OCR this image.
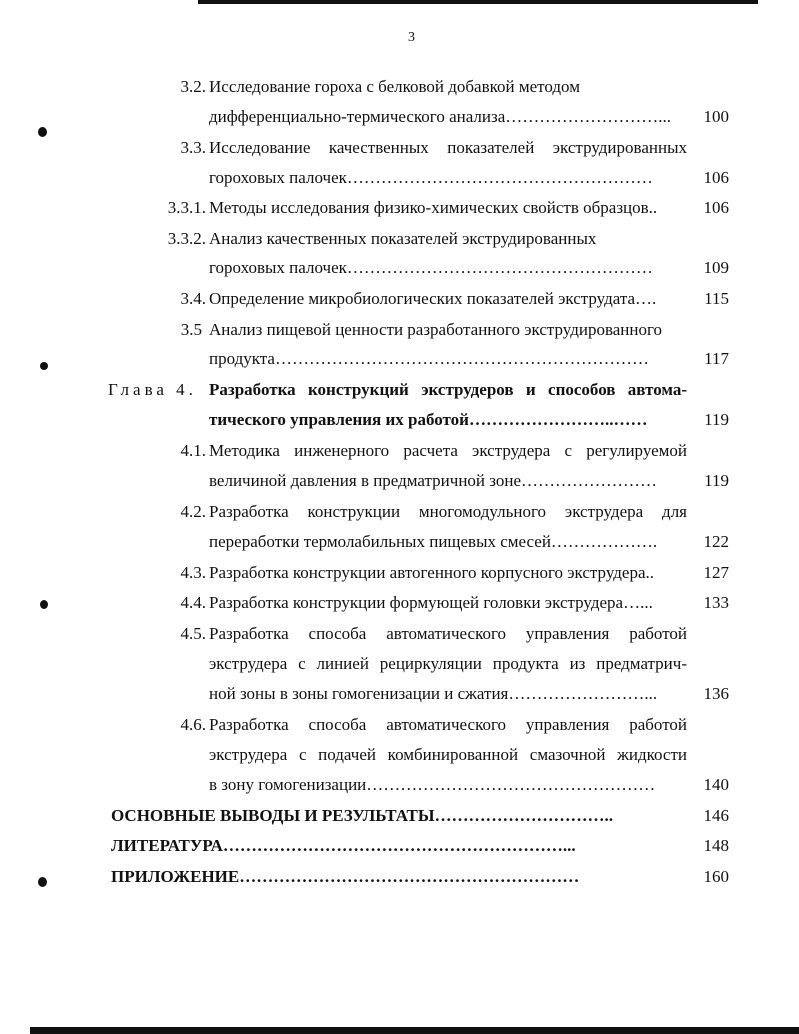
3
3.2. Исследование гороха с белковой добавкой методом
дифференциально-термического анализа………………………... 100
3.3. Исследование качественных показателей экструдированных
гороховых палочек………………………………………………	106
3.3.1. Методы исследования физико-химических свойств образцов..	106
3.3.2. Анализ качественных показателей экструдированных
гороховых палочек………………………………………………	109
3.4. Определение микробиологических показателей экструдата….	115
3.5 Анализ пищевой ценности разработанного экструдированного
продукта…………………………………………………………	117
Глава 4. Разработка конструкций экструдеров и способов автома-
тического управления их работой……………………..……	119
4.1. Методика инженерного расчета экструдера с регулируемой
величиной давления в предматричной зоне……………………	119
4.2. Разработка конструкции многомодульного экструдера для
переработки термолабильных пищевых смесей……………….	122
4.3. Разработка конструкции автогенного корпусного экструдера..	127
4.4. Разработка конструкции формующей головки экструдера…...	133
4.5. Разработка способа автоматического управления работой
экструдера с линией рециркуляции продукта из предматрич-
ной зоны в зоны гомогенизации и сжатия……………………...	136
4.6. Разработка способа автоматического управления работой
экструдера с подачей комбинированной смазочной жидкости
в зону гомогенизации……………………………………………	140
ОСНОВНЫЕ ВЫВОДЫ И РЕЗУЛЬТАТЫ…………………………..	146
ЛИТЕРАТУРА……………………………………………………...	148
ПРИЛОЖЕНИЕ……………………………………………………	160
